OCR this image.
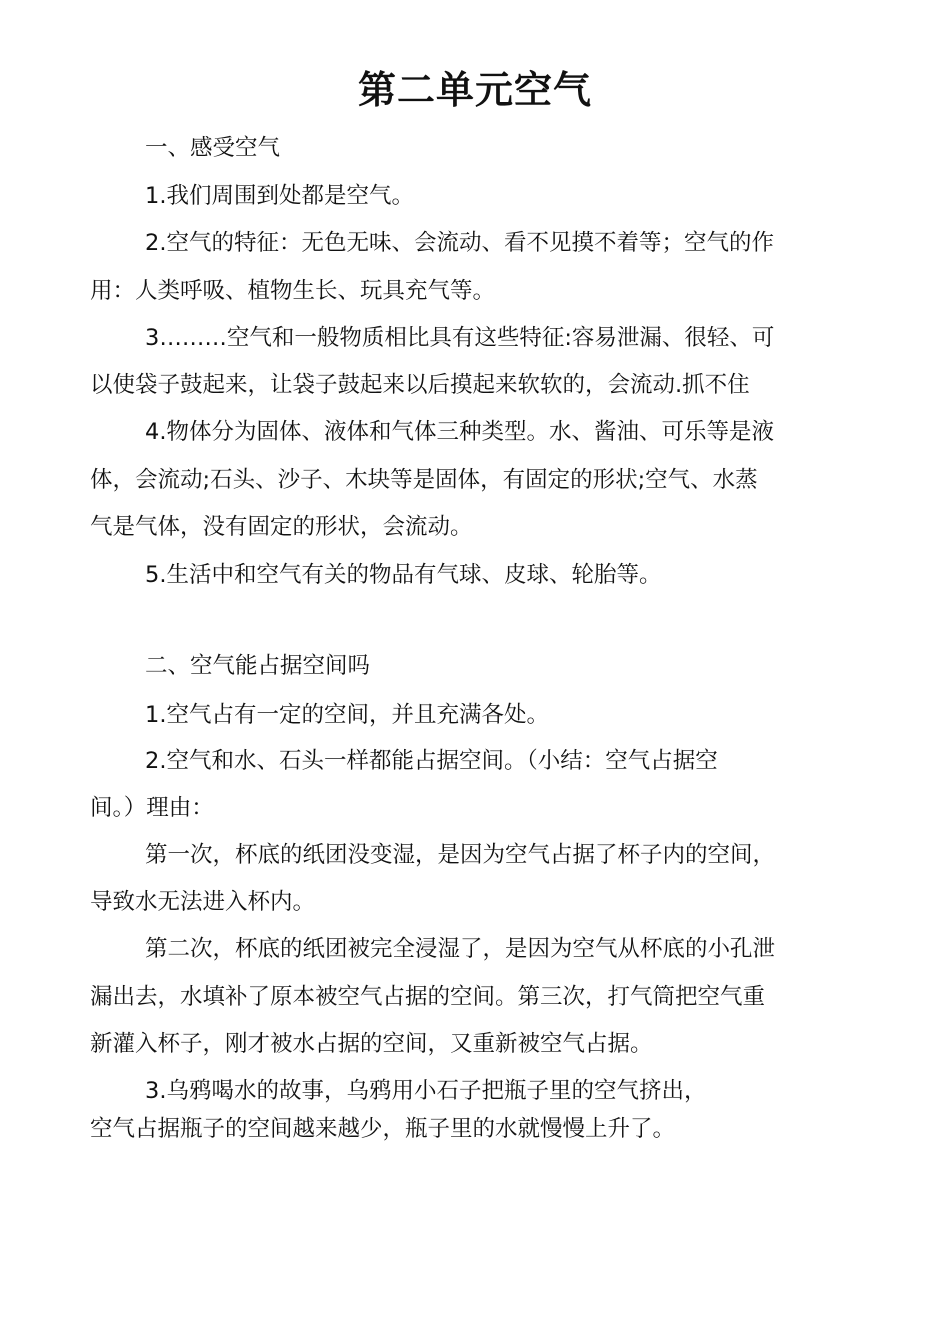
第二单元空气
一、感受空气
1.我们周围到处都是空气。
2.空气的特征：无色无味、会流动、看不见摸不着等；空气的作
用：人类呼吸、植物生长、玩具充气等。
3………空气和一般物质相比具有这些特征:容易泄漏、很轻、可
以使袋子鼓起来，让袋子鼓起来以后摸起来软软的，会流动.抓不住
4.物体分为固体、液体和气体三种类型。水、酱油、可乐等是液
体，会流动;石头、沙子、木块等是固体，有固定的形状;空气、水蒸
气是气体，没有固定的形状，会流动。
5.生活中和空气有关的物品有气球、皮球、轮胎等。
二、空气能占据空间吗
1.空气占有一定的空间，并且充满各处。
2.空气和水、石头一样都能占据空间。（小结：空气占据空
间。）理由：
第一次，杯底的纸团没变湿，是因为空气占据了杯子内的空间，
导致水无法进入杯内。
第二次，杯底的纸团被完全浸湿了，是因为空气从杯底的小孔泄
漏出去，水填补了原本被空气占据的空间。第三次，打气筒把空气重
新灌入杯子，刚才被水占据的空间，又重新被空气占据。
3.乌鸦喝水的故事，乌鸦用小石子把瓶子里的空气挤出，
空气占据瓶子的空间越来越少，瓶子里的水就慢慢上升了。
